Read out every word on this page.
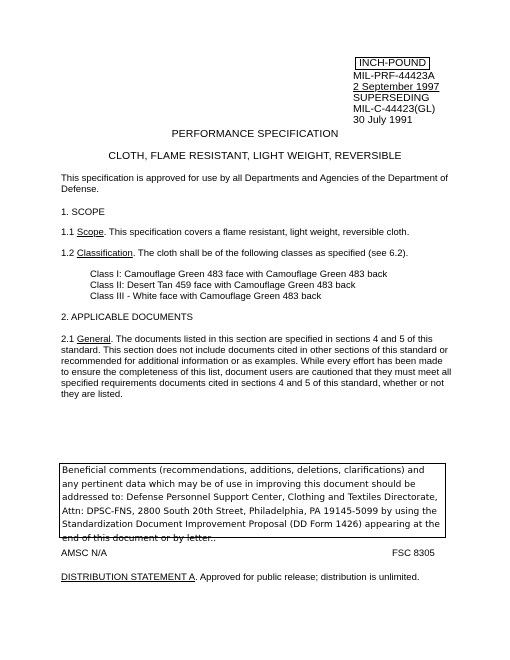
INCH-POUND
MIL-PRF-44423A
2 September 1997
SUPERSEDING
MIL-C-44423(GL)
30 July 1991
PERFORMANCE SPECIFICATION
CLOTH, FLAME RESISTANT, LIGHT WEIGHT, REVERSIBLE
This specification is approved for use by all Departments and Agencies of the Department of Defense.
1. SCOPE
1.1 Scope. This specification covers a flame resistant, light weight, reversible cloth.
1.2 Classification. The cloth shall be of the following classes as specified (see 6.2).
Class I: Camouflage Green 483 face with Camouflage Green 483 back
Class II: Desert Tan 459 face with Camouflage Green 483 back
Class III - White face with Camouflage Green 483 back
2. APPLICABLE DOCUMENTS
2.1 General. The documents listed in this section are specified in sections 4 and 5 of this standard. This section does not include documents cited in other sections of this standard or recommended for additional information or as examples. While every effort has been made to ensure the completeness of this list, document users are cautioned that they must meet all specified requirements documents cited in sections 4 and 5 of this standard, whether or not they are listed.
Beneficial comments (recommendations, additions, deletions, clarifications) and any pertinent data which may be of use in improving this document should be addressed to: Defense Personnel Support Center, Clothing and Textiles Directorate, Attn: DPSC-FNS, 2800 South 20th Street, Philadelphia, PA 19145-5099 by using the Standardization Document Improvement Proposal (DD Form 1426) appearing at the end of this document or by letter..
AMSC N/A	FSC 8305
DISTRIBUTION STATEMENT A. Approved for public release; distribution is unlimited.
